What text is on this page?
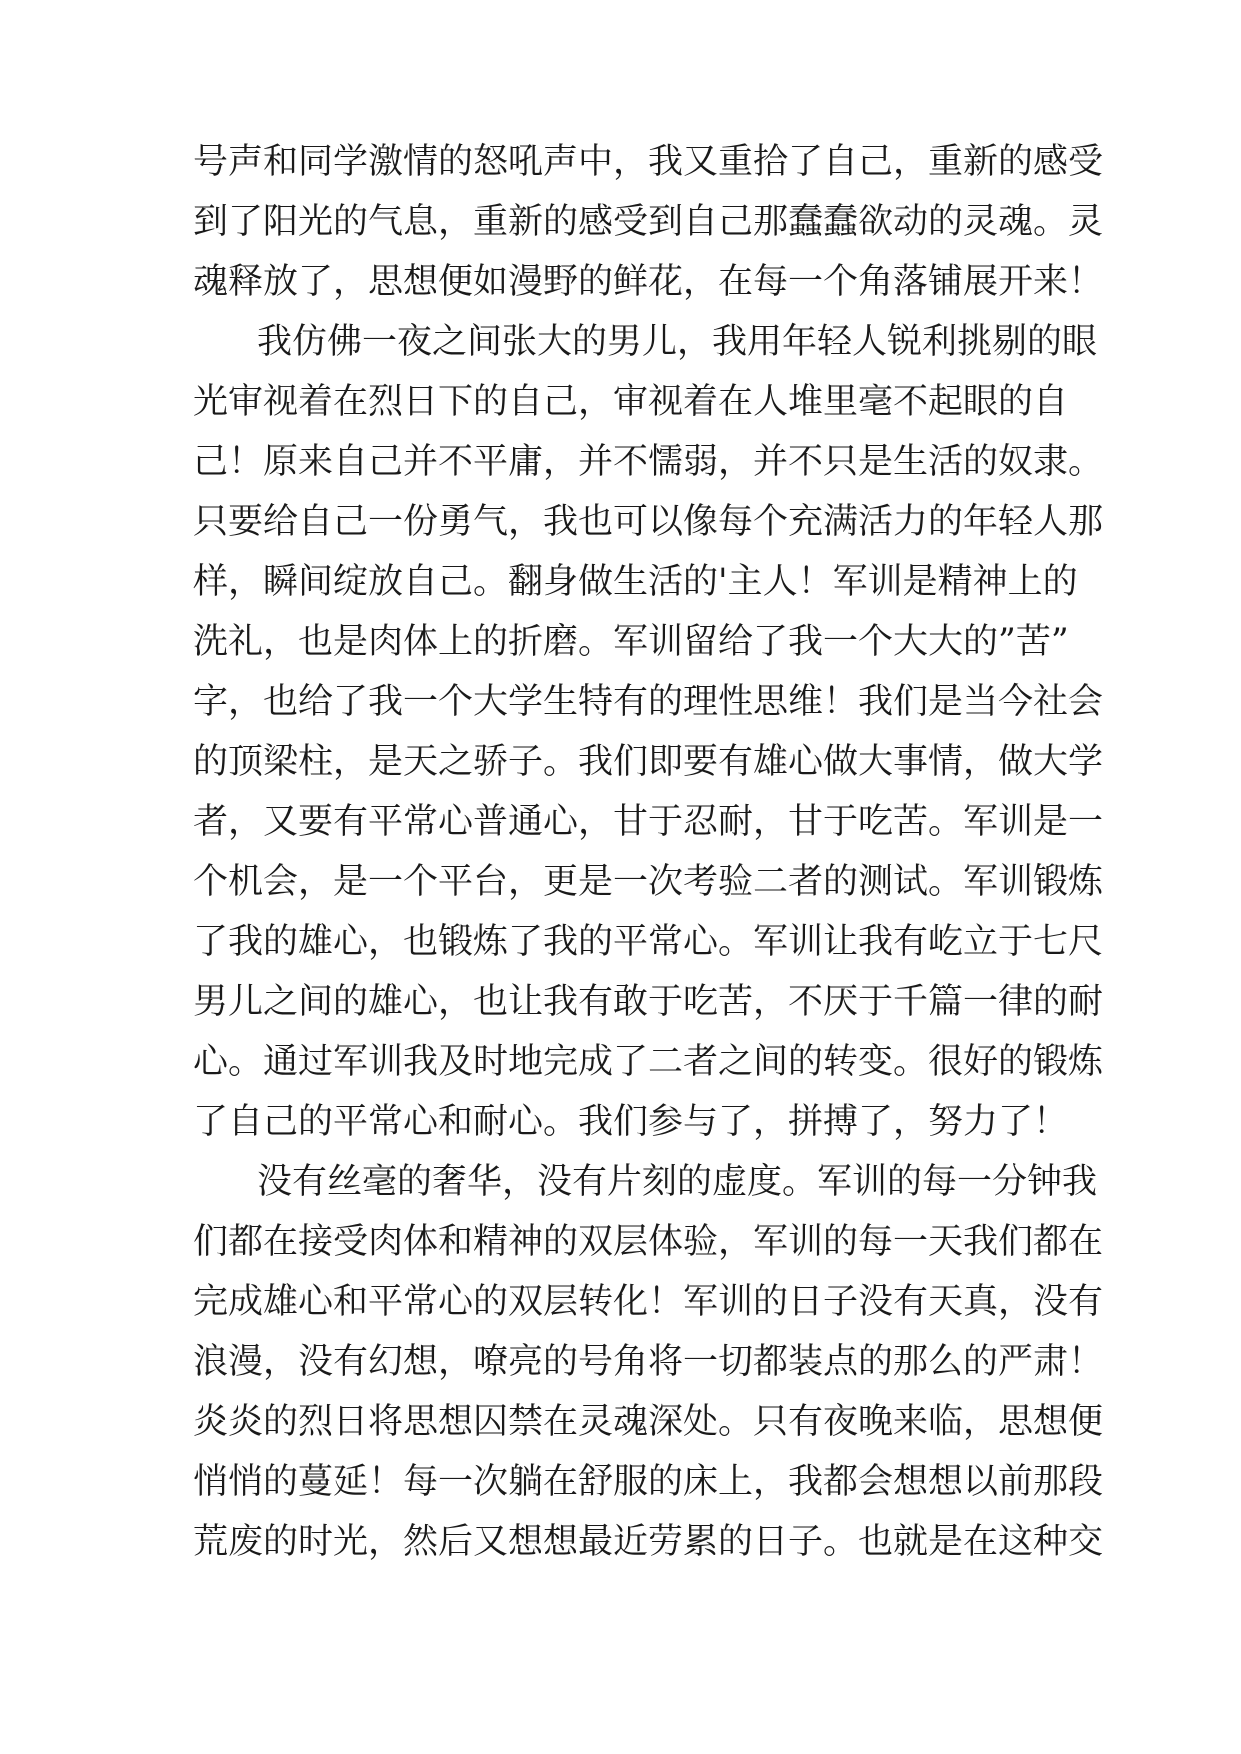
号声和同学激情的怒吼声中，我又重拾了自己，重新的感受
到了阳光的气息，重新的感受到自己那蠢蠢欲动的灵魂。灵
魂释放了，思想便如漫野的鲜花，在每一个角落铺展开来！
我仿佛一夜之间张大的男儿，我用年轻人锐利挑剔的眼
光审视着在烈日下的自己，审视着在人堆里毫不起眼的自
己！原来自己并不平庸，并不懦弱，并不只是生活的奴隶。
只要给自己一份勇气，我也可以像每个充满活力的年轻人那
样，瞬间绽放自己。翻身做生活的'主人！军训是精神上的
洗礼，也是肉体上的折磨。军训留给了我一个大大的”苦”
字，也给了我一个大学生特有的理性思维！我们是当今社会
的顶梁柱，是天之骄子。我们即要有雄心做大事情，做大学
者，又要有平常心普通心，甘于忍耐，甘于吃苦。军训是一
个机会，是一个平台，更是一次考验二者的测试。军训锻炼
了我的雄心，也锻炼了我的平常心。军训让我有屹立于七尺
男儿之间的雄心，也让我有敢于吃苦，不厌于千篇一律的耐
心。通过军训我及时地完成了二者之间的转变。很好的锻炼
了自己的平常心和耐心。我们参与了，拼搏了，努力了！
没有丝毫的奢华，没有片刻的虚度。军训的每一分钟我
们都在接受肉体和精神的双层体验，军训的每一天我们都在
完成雄心和平常心的双层转化！军训的日子没有天真，没有
浪漫，没有幻想，嘹亮的号角将一切都装点的那么的严肃！
炎炎的烈日将思想囚禁在灵魂深处。只有夜晚来临，思想便
悄悄的蔓延！每一次躺在舒服的床上，我都会想想以前那段
荒废的时光，然后又想想最近劳累的日子。也就是在这种交
